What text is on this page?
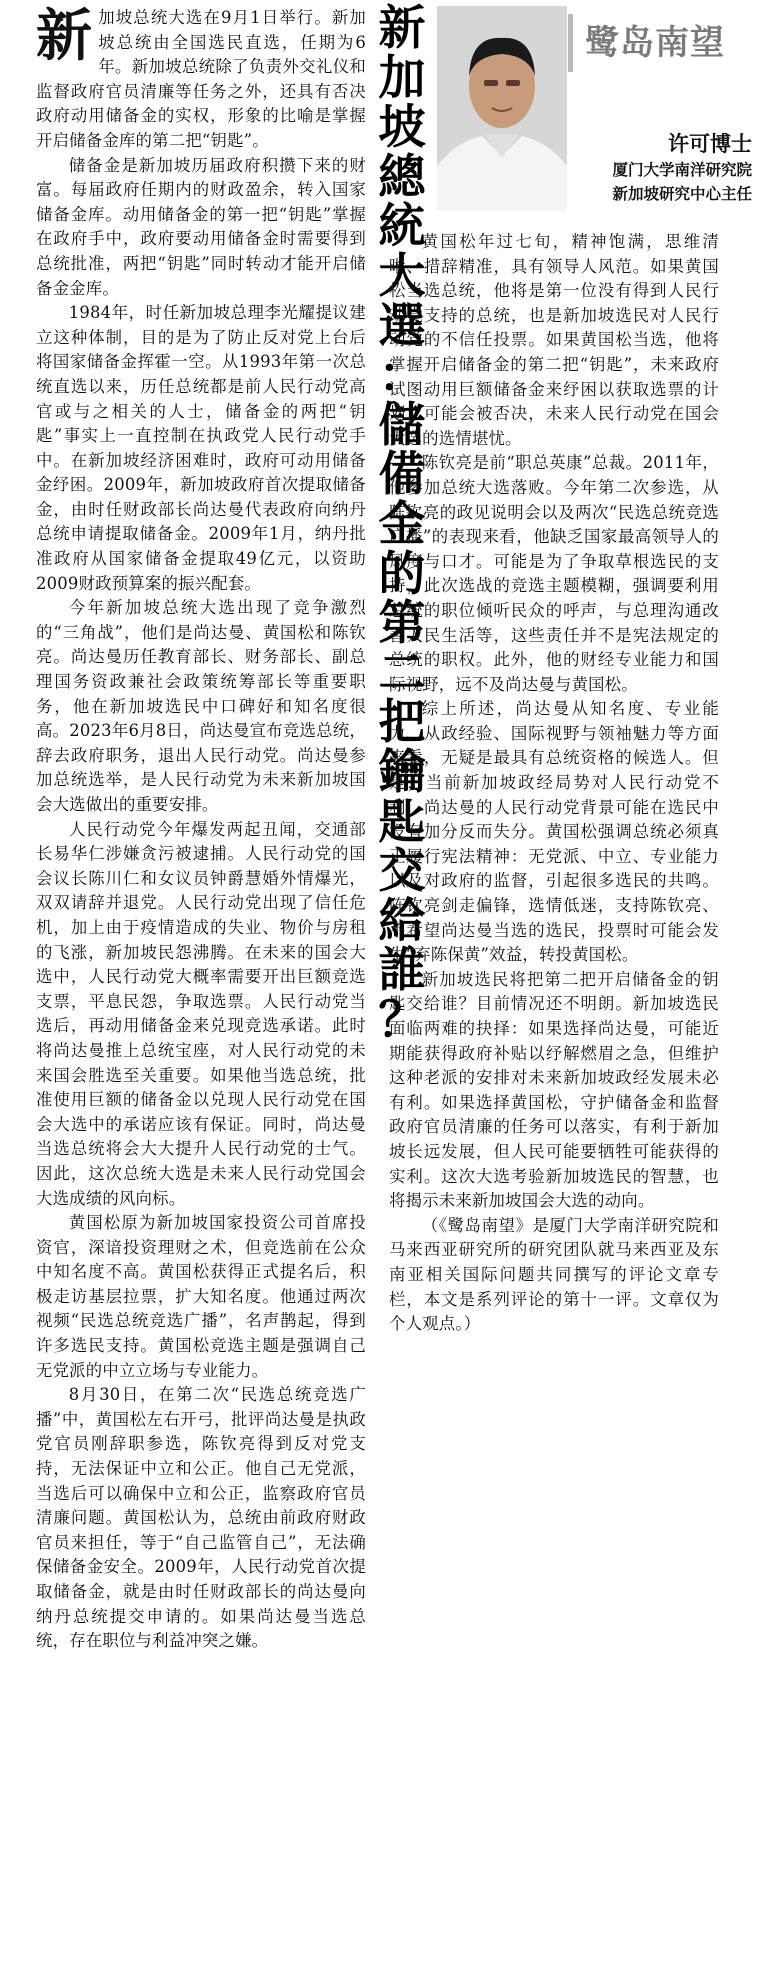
鹭岛南望
许可博士
厦门大学南洋研究院
新加坡研究中心主任
新
加
坡
總
統
大
選
：
儲
備
金
的
第
二
把
鑰
匙
交
給
誰
？

新加坡总统大选在9月1日举行。新加坡总统由全国选民直选，任期为6年。新加坡总统除了负责外交礼仪和监督政府官员清廉等任务之外，还具有否决政府动用储备金的实权，形象的比喻是掌握开启储备金库的第二把“钥匙”。

储备金是新加坡历届政府积攒下来的财富。每届政府任期内的财政盈余，转入国家储备金库。动用储备金的第一把“钥匙”掌握在政府手中，政府要动用储备金时需要得到总统批准，两把“钥匙”同时转动才能开启储备金金库。

1984年，时任新加坡总理李光耀提议建立这种体制，目的是为了防止反对党上台后将国家储备金挥霍一空。从1993年第一次总统直选以来，历任总统都是前人民行动党高官或与之相关的人士，储备金的两把“钥匙”事实上一直控制在执政党人民行动党手中。在新加坡经济困难时，政府可动用储备金纾困。2009年，新加坡政府首次提取储备金，由时任财政部长尚达曼代表政府向纳丹总统申请提取储备金。2009年1月，纳丹批准政府从国家储备金提取49亿元，以资助2009财政预算案的振兴配套。

今年新加坡总统大选出现了竞争激烈的“三角战”，他们是尚达曼、黄国松和陈钦亮。尚达曼历任教育部长、财务部长、副总理国务资政兼社会政策统筹部长等重要职务，他在新加坡选民中口碑好和知名度很高。2023年6月8日，尚达曼宣布竞选总统，辞去政府职务，退出人民行动党。尚达曼参加总统选举，是人民行动党为未来新加坡国会大选做出的重要安排。

人民行动党今年爆发两起丑闻，交通部长易华仁涉嫌贪污被逮捕。人民行动党的国会议长陈川仁和女议员钟爵慧婚外情爆光，双双请辞并退党。人民行动党出现了信任危机，加上由于疫情造成的失业、物价与房租的飞涨，新加坡民怨沸腾。在未来的国会大选中，人民行动党大概率需要开出巨额竞选支票，平息民怨，争取选票。人民行动党当选后，再动用储备金来兑现竞选承诺。此时将尚达曼推上总统宝座，对人民行动党的未来国会胜选至关重要。如果他当选总统，批准使用巨额的储备金以兑现人民行动党在国会大选中的承诺应该有保证。同时，尚达曼当选总统将会大大提升人民行动党的士气。因此，这次总统大选是未来人民行动党国会大选成绩的风向标。

黄国松原为新加坡国家投资公司首席投资官，深谙投资理财之术，但竞选前在公众中知名度不高。黄国松获得正式提名后，积极走访基层拉票，扩大知名度。他通过两次视频“民选总统竞选广播”，名声鹊起，得到许多选民支持。黄国松竞选主题是强调自己无党派的中立立场与专业能力。

8月30日，在第二次“民选总统竞选广播”中，黄国松左右开弓，批评尚达曼是执政党官员刚辞职参选，陈钦亮得到反对党支持，无法保证中立和公正。他自己无党派，当选后可以确保中立和公正，监察政府官员清廉问题。黄国松认为，总统由前政府财政官员来担任，等于“自己监管自己”，无法确保储备金安全。2009年，人民行动党首次提取储备金，就是由时任财政部长的尚达曼向纳丹总统提交申请的。如果尚达曼当选总统，存在职位与利益冲突之嫌。

黄国松年过七旬，精神饱满，思维清晰、措辞精准，具有领导人风范。如果黄国松当选总统，他将是第一位没有得到人民行动党支持的总统，也是新加坡选民对人民行动党的不信任投票。如果黄国松当选，他将掌握开启储备金的第二把“钥匙”，未来政府试图动用巨额储备金来纾困以获取选票的计划，可能会被否决，未来人民行动党在国会大选的选情堪忧。

陈钦亮是前“职总英康”总裁。2011年，他参加总统大选落败。今年第二次参选，从陈钦亮的政见说明会以及两次“民选总统竞选广播”的表现来看，他缺乏国家最高领导人的风度与口才。可能是为了争取草根选民的支持，此次选战的竞选主题模糊，强调要利用总统的职位倾听民众的呼声，与总理沟通改善人民生活等，这些责任并不是宪法规定的总统的职权。此外，他的财经专业能力和国际视野，远不及尚达曼与黄国松。

综上所述，尚达曼从知名度、专业能力、从政经验、国际视野与领袖魅力等方面来看，无疑是最具有总统资格的候选人。但是，当前新加坡政经局势对人民行动党不利，尚达曼的人民行动党背景可能在选民中没有加分反而失分。黄国松强调总统必须真正履行宪法精神：无党派、中立、专业能力以及对政府的监督，引起很多选民的共鸣。陈钦亮剑走偏锋，选情低迷，支持陈钦亮、不希望尚达曼当选的选民，投票时可能会发生“弃陈保黄”效益，转投黄国松。

新加坡选民将把第二把开启储备金的钥匙交给谁？目前情况还不明朗。新加坡选民面临两难的抉择：如果选择尚达曼，可能近期能获得政府补贴以纾解燃眉之急，但维护这种老派的安排对未来新加坡政经发展未必有利。如果选择黄国松，守护储备金和监督政府官员清廉的任务可以落实，有利于新加坡长远发展，但人民可能要牺牲可能获得的实利。这次大选考验新加坡选民的智慧，也将揭示未来新加坡国会大选的动向。

（《鹭岛南望》是厦门大学南洋研究院和马来西亚研究所的研究团队就马来西亚及东南亚相关国际问题共同撰写的评论文章专栏，本文是系列评论的第十一评。文章仅为个人观点。）
